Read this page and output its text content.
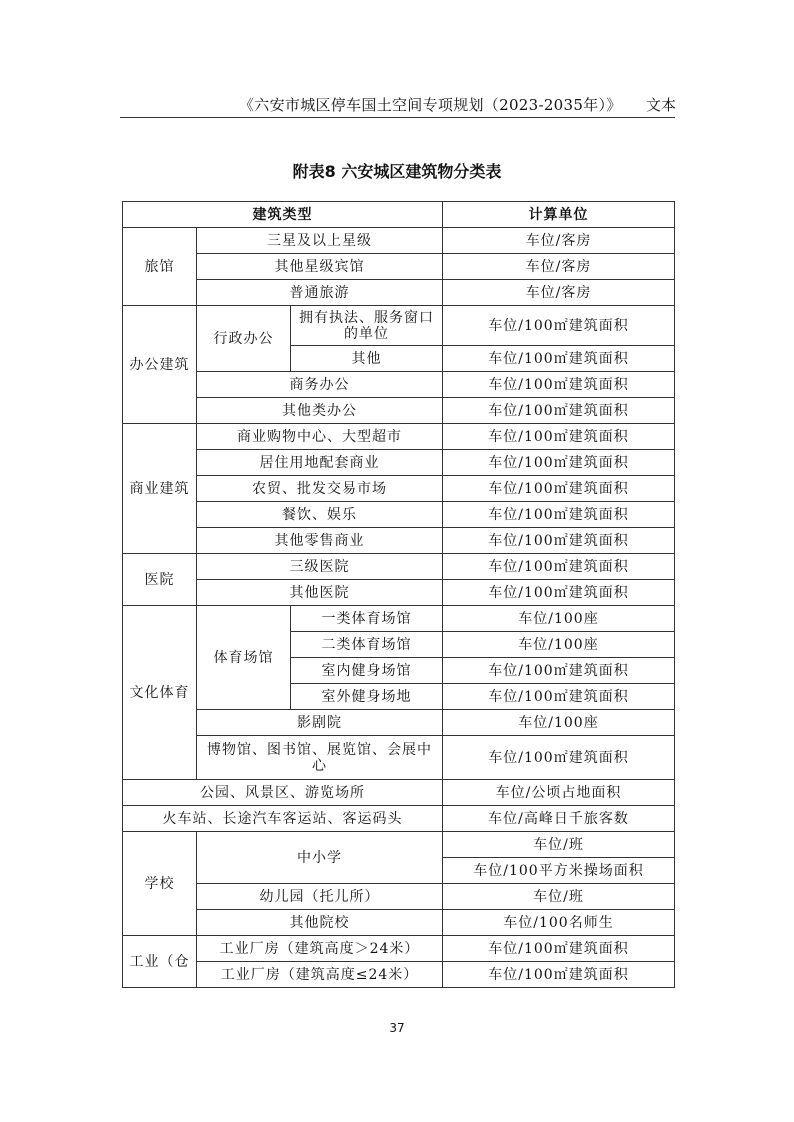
《六安市城区停车国土空间专项规划（2023-2035年）》 文本
附表8 六安城区建筑物分类表
建筑类型			计算单位
旅馆	三星及以上星级		车位/客房
	其他星级宾馆		车位/客房
	普通旅游		车位/客房
办公建筑	行政办公	拥有执法、服务窗口的单位	车位/100㎡建筑面积
		其他	车位/100㎡建筑面积
	商务办公		车位/100㎡建筑面积
	其他类办公		车位/100㎡建筑面积
商业建筑	商业购物中心、大型超市		车位/100㎡建筑面积
	居住用地配套商业		车位/100㎡建筑面积
	农贸、批发交易市场		车位/100㎡建筑面积
	餐饮、娱乐		车位/100㎡建筑面积
	其他零售商业		车位/100㎡建筑面积
医院	三级医院		车位/100㎡建筑面积
	其他医院		车位/100㎡建筑面积
文化体育	体育场馆	一类体育场馆	车位/100座
		二类体育场馆	车位/100座
		室内健身场馆	车位/100㎡建筑面积
		室外健身场地	车位/100㎡建筑面积
	影剧院		车位/100座
	博物馆、图书馆、展览馆、会展中心		车位/100㎡建筑面积
公园、风景区、游览场所			车位/公顷占地面积
火车站、长途汽车客运站、客运码头			车位/高峰日千旅客数
学校	中小学		车位/班
			车位/100平方米操场面积
	幼儿园（托儿所）		车位/班
	其他院校		车位/100名师生
工业（仓	工业厂房（建筑高度＞24米）		车位/100㎡建筑面积
	工业厂房（建筑高度≤24米）		车位/100㎡建筑面积
37
